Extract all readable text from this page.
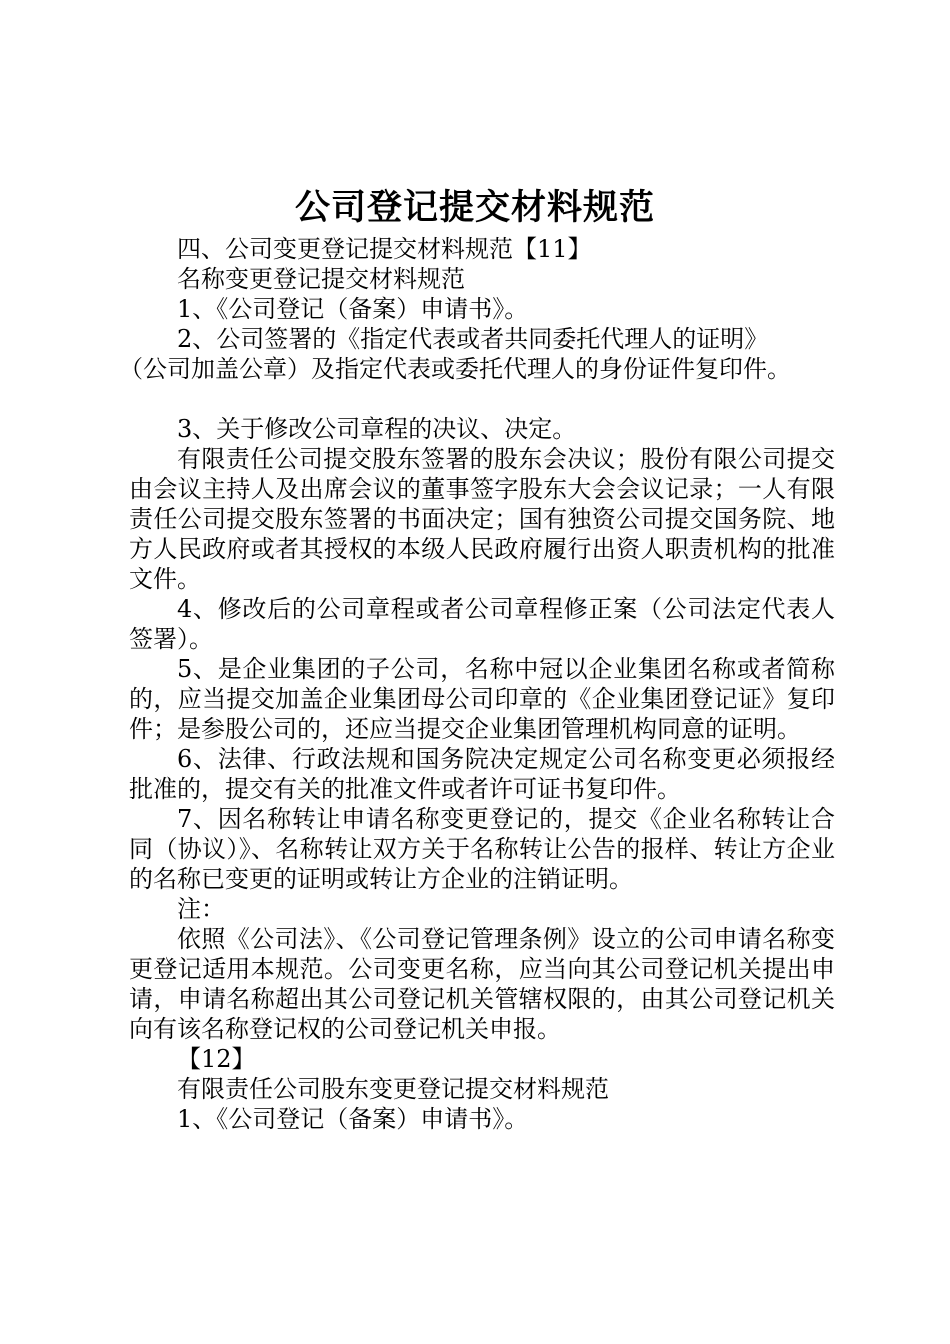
公司登记提交材料规范

四、公司变更登记提交材料规范【11】

名称变更登记提交材料规范

1、《公司登记（备案）申请书》。

2、公司签署的《指定代表或者共同委托代理人的证明》

（公司加盖公章）及指定代表或委托代理人的身份证件复印件。

3、关于修改公司章程的决议、决定。

有限责任公司提交股东签署的股东会决议；股份有限公司提交由会议主持人及出席会议的董事签字股东大会会议记录；一人有限责任公司提交股东签署的书面决定；国有独资公司提交国务院、地方人民政府或者其授权的本级人民政府履行出资人职责机构的批准文件。

4、修改后的公司章程或者公司章程修正案（公司法定代表人签署）。

5、是企业集团的子公司，名称中冠以企业集团名称或者简称的，应当提交加盖企业集团母公司印章的《企业集团登记证》复印件；是参股公司的，还应当提交企业集团管理机构同意的证明。

6、法律、行政法规和国务院决定规定公司名称变更必须报经批准的，提交有关的批准文件或者许可证书复印件。

7、因名称转让申请名称变更登记的，提交《企业名称转让合同（协议）》、名称转让双方关于名称转让公告的报样、转让方企业的名称已变更的证明或转让方企业的注销证明。

注：

依照《公司法》、《公司登记管理条例》设立的公司申请名称变更登记适用本规范。公司变更名称，应当向其公司登记机关提出申请，申请名称超出其公司登记机关管辖权限的，由其公司登记机关向有该名称登记权的公司登记机关申报。

【12】

有限责任公司股东变更登记提交材料规范

1、《公司登记（备案）申请书》。
